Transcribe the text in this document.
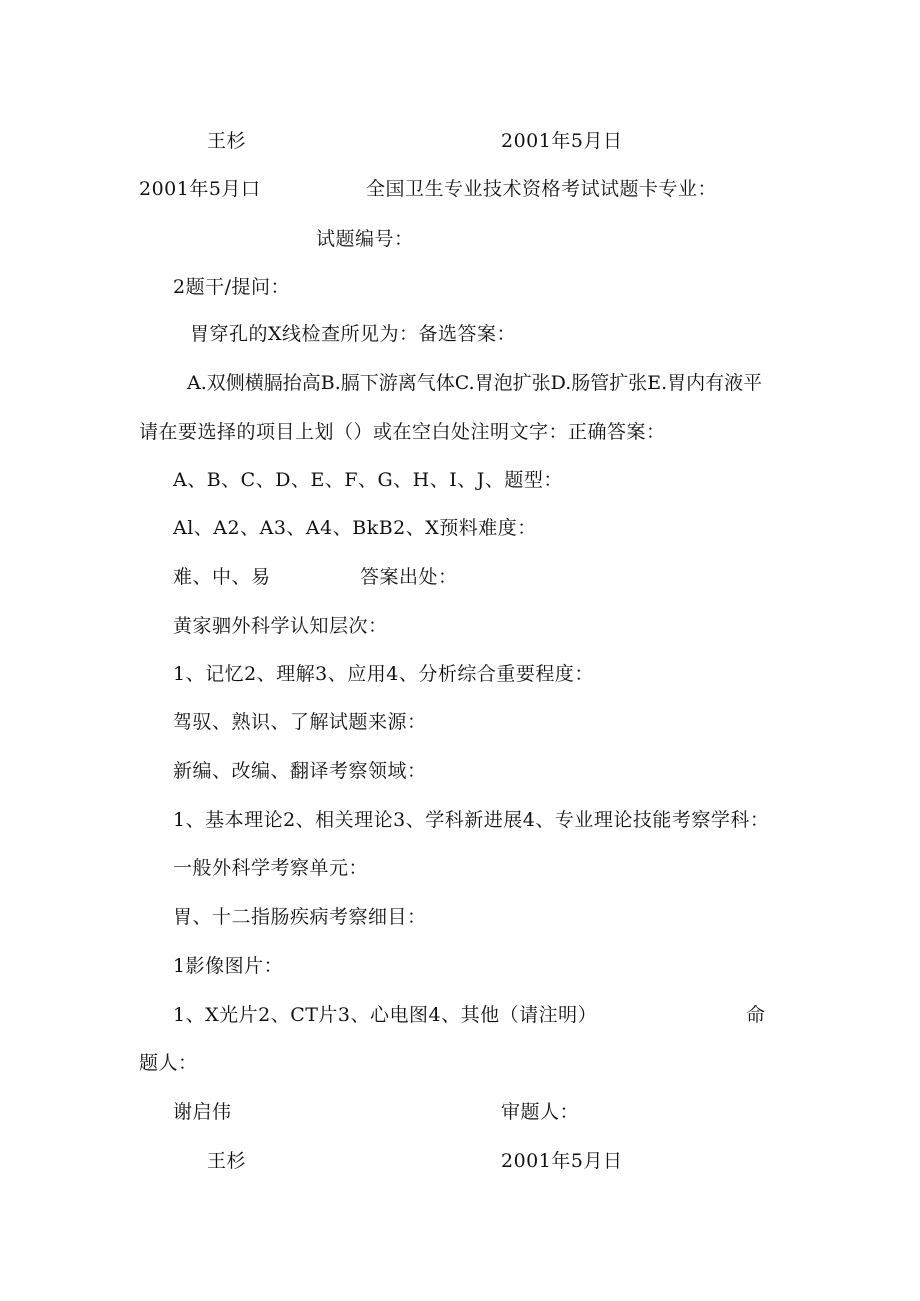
王杉	2001年5月日
2001年5月口	全国卫生专业技术资格考试试题卡专业：
试题编号：
2题干/提问：
胃穿孔的X线检查所见为：备选答案：
A.双侧横膈抬高B.膈下游离气体C.胃泡扩张D.肠管扩张E.胃内有液平
请在要选择的项目上划（）或在空白处注明文字：正确答案：
A、B、C、D、E、F、G、H、I、J、题型：
Al、A2、A3、A4、BkB2、X预料难度：
难、中、易	答案出处：
黄家驷外科学认知层次：
1、记忆2、理解3、应用4、分析综合重要程度：
驾驭、熟识、了解试题来源：
新编、改编、翻译考察领域：
1、基本理论2、相关理论3、学科新进展4、专业理论技能考察学科：
一般外科学考察单元：
胃、十二指肠疾病考察细目：
1影像图片：
1、X光片2、CT片3、心电图4、其他（请注明）	命
题人：
谢启伟	审题人：
王杉	2001年5月日
